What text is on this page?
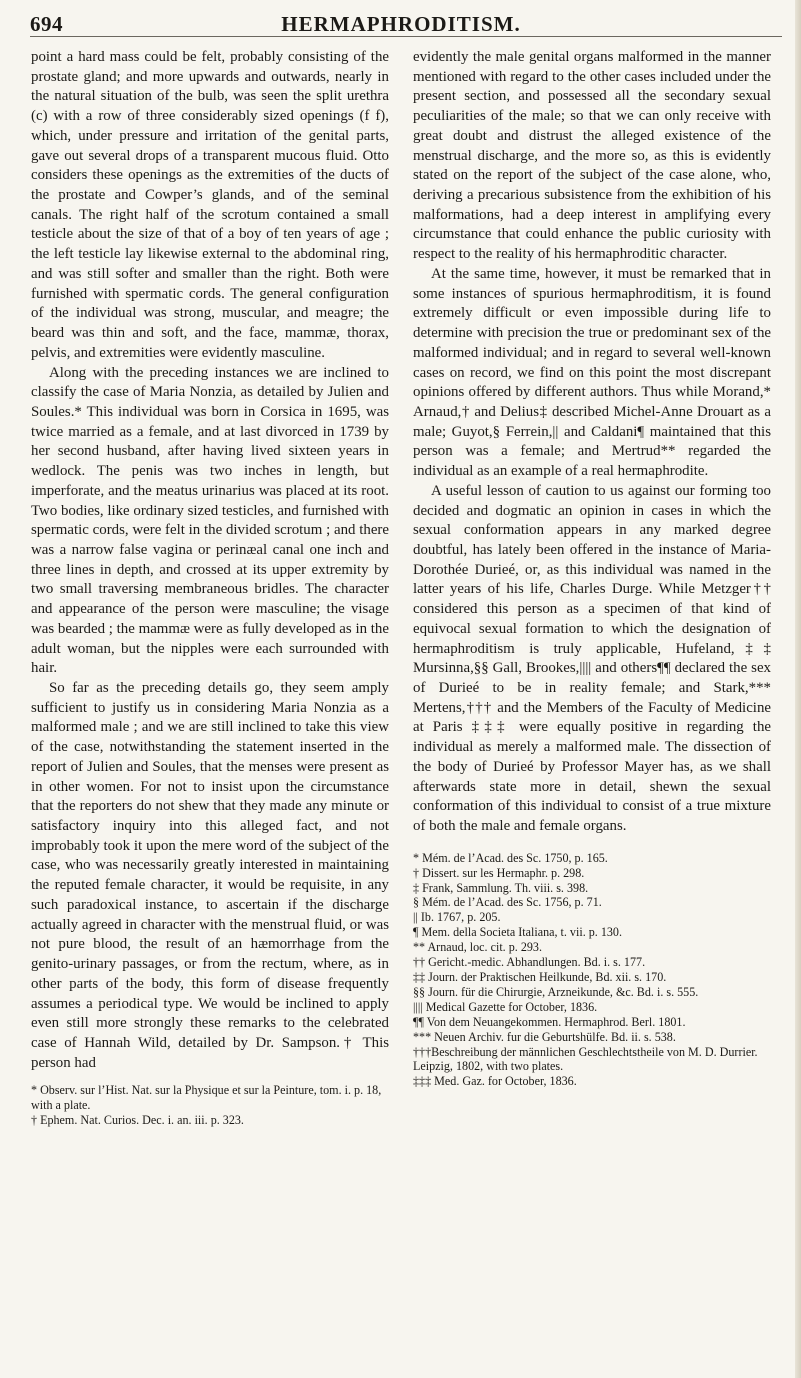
694	HERMAPHRODITISM.

point a hard mass could be felt, probably consisting of the prostate gland; and more upwards and outwards, nearly in the natural situation of the bulb, was seen the split urethra (c) with a row of three considerably sized openings (f f), which, under pressure and irritation of the genital parts, gave out several drops of a transparent mucous fluid. Otto considers these openings as the extremities of the ducts of the prostate and Cowper’s glands, and of the seminal canals. The right half of the scrotum contained a small testicle about the size of that of a boy of ten years of age ; the left testicle lay likewise external to the abdominal ring, and was still softer and smaller than the right. Both were furnished with spermatic cords. The general configuration of the individual was strong, muscular, and meagre; the beard was thin and soft, and the face, mammæ, thorax, pelvis, and extremities were evidently masculine.

Along with the preceding instances we are inclined to classify the case of Maria Nonzia, as detailed by Julien and Soules.* This individual was born in Corsica in 1695, was twice married as a female, and at last divorced in 1739 by her second husband, after having lived sixteen years in wedlock. The penis was two inches in length, but imperforate, and the meatus urinarius was placed at its root. Two bodies, like ordinary sized testicles, and furnished with spermatic cords, were felt in the divided scrotum ; and there was a narrow false vagina or perinæal canal one inch and three lines in depth, and crossed at its upper extremity by two small traversing membraneous bridles. The character and appearance of the person were masculine; the visage was bearded ; the mammæ were as fully developed as in the adult woman, but the nipples were each surrounded with hair.

So far as the preceding details go, they seem amply sufficient to justify us in considering Maria Nonzia as a malformed male ; and we are still inclined to take this view of the case, notwithstanding the statement inserted in the report of Julien and Soules, that the menses were present as in other women. For not to insist upon the circumstance that the reporters do not shew that they made any minute or satisfactory inquiry into this alleged fact, and not improbably took it upon the mere word of the subject of the case, who was necessarily greatly interested in maintaining the reputed female character, it would be requisite, in any such paradoxical instance, to ascertain if the discharge actually agreed in character with the menstrual fluid, or was not pure blood, the result of an hæmorrhage from the genito-urinary passages, or from the rectum, where, as in other parts of the body, this form of disease frequently assumes a periodical type. We would be inclined to apply even still more strongly these remarks to the celebrated case of Hannah Wild, detailed by Dr. Sampson.† This person had

* Observ. sur l’Hist. Nat. sur la Physique et sur la Peinture, tom. i. p. 18, with a plate.

† Ephem. Nat. Curios. Dec. i. an. iii. p. 323.

evidently the male genital organs malformed in the manner mentioned with regard to the other cases included under the present section, and possessed all the secondary sexual peculiarities of the male; so that we can only receive with great doubt and distrust the alleged existence of the menstrual discharge, and the more so, as this is evidently stated on the report of the subject of the case alone, who, deriving a precarious subsistence from the exhibition of his malformations, had a deep interest in amplifying every circumstance that could enhance the public curiosity with respect to the reality of his hermaphroditic character.

At the same time, however, it must be remarked that in some instances of spurious hermaphroditism, it is found extremely difficult or even impossible during life to determine with precision the true or predominant sex of the malformed individual; and in regard to several well-known cases on record, we find on this point the most discrepant opinions offered by different authors. Thus while Morand,* Arnaud,† and Delius‡ described Michel-Anne Drouart as a male; Guyot,§ Ferrein,|| and Caldani¶ maintained that this person was a female; and Mertrud** regarded the individual as an example of a real hermaphrodite.

A useful lesson of caution to us against our forming too decided and dogmatic an opinion in cases in which the sexual conformation appears in any marked degree doubtful, has lately been offered in the instance of Maria-Dorothée Durieé, or, as this individual was named in the latter years of his life, Charles Durge. While Metzger†† considered this person as a specimen of that kind of equivocal sexual formation to which the designation of hermaphroditism is truly applicable, Hufeland,‡‡ Mursinna,§§ Gall, Brookes,|||| and others¶¶ declared the sex of Durieé to be in reality female; and Stark,*** Mertens,††† and the Members of the Faculty of Medicine at Paris ‡‡‡ were equally positive in regarding the individual as merely a malformed male. The dissection of the body of Durieé by Professor Mayer has, as we shall afterwards state more in detail, shewn the sexual conformation of this individual to consist of a true mixture of both the male and female organs.

* Mém. de l’Acad. des Sc. 1750, p. 165.

† Dissert. sur les Hermaphr. p. 298.

‡ Frank, Sammlung. Th. viii. s. 398.

§ Mém. de l’Acad. des Sc. 1756, p. 71.

|| Ib. 1767, p. 205.

¶ Mem. della Societa Italiana, t. vii. p. 130.

** Arnaud, loc. cit. p. 293.

†† Gericht.-medic. Abhandlungen. Bd. i. s. 177.

‡‡ Journ. der Praktischen Heilkunde, Bd. xii. s. 170.

§§ Journ. für die Chirurgie, Arzneikunde, &c. Bd. i. s. 555.

|||| Medical Gazette for October, 1836.

¶¶ Von dem Neuangekommen. Hermaphrod. Berl. 1801.

*** Neuen Archiv. fur die Geburtshülfe. Bd. ii. s. 538.

†††Beschreibung der männlichen Geschlechtstheile von M. D. Durrier. Leipzig, 1802, with two plates.

‡‡‡ Med. Gaz. for October, 1836.
